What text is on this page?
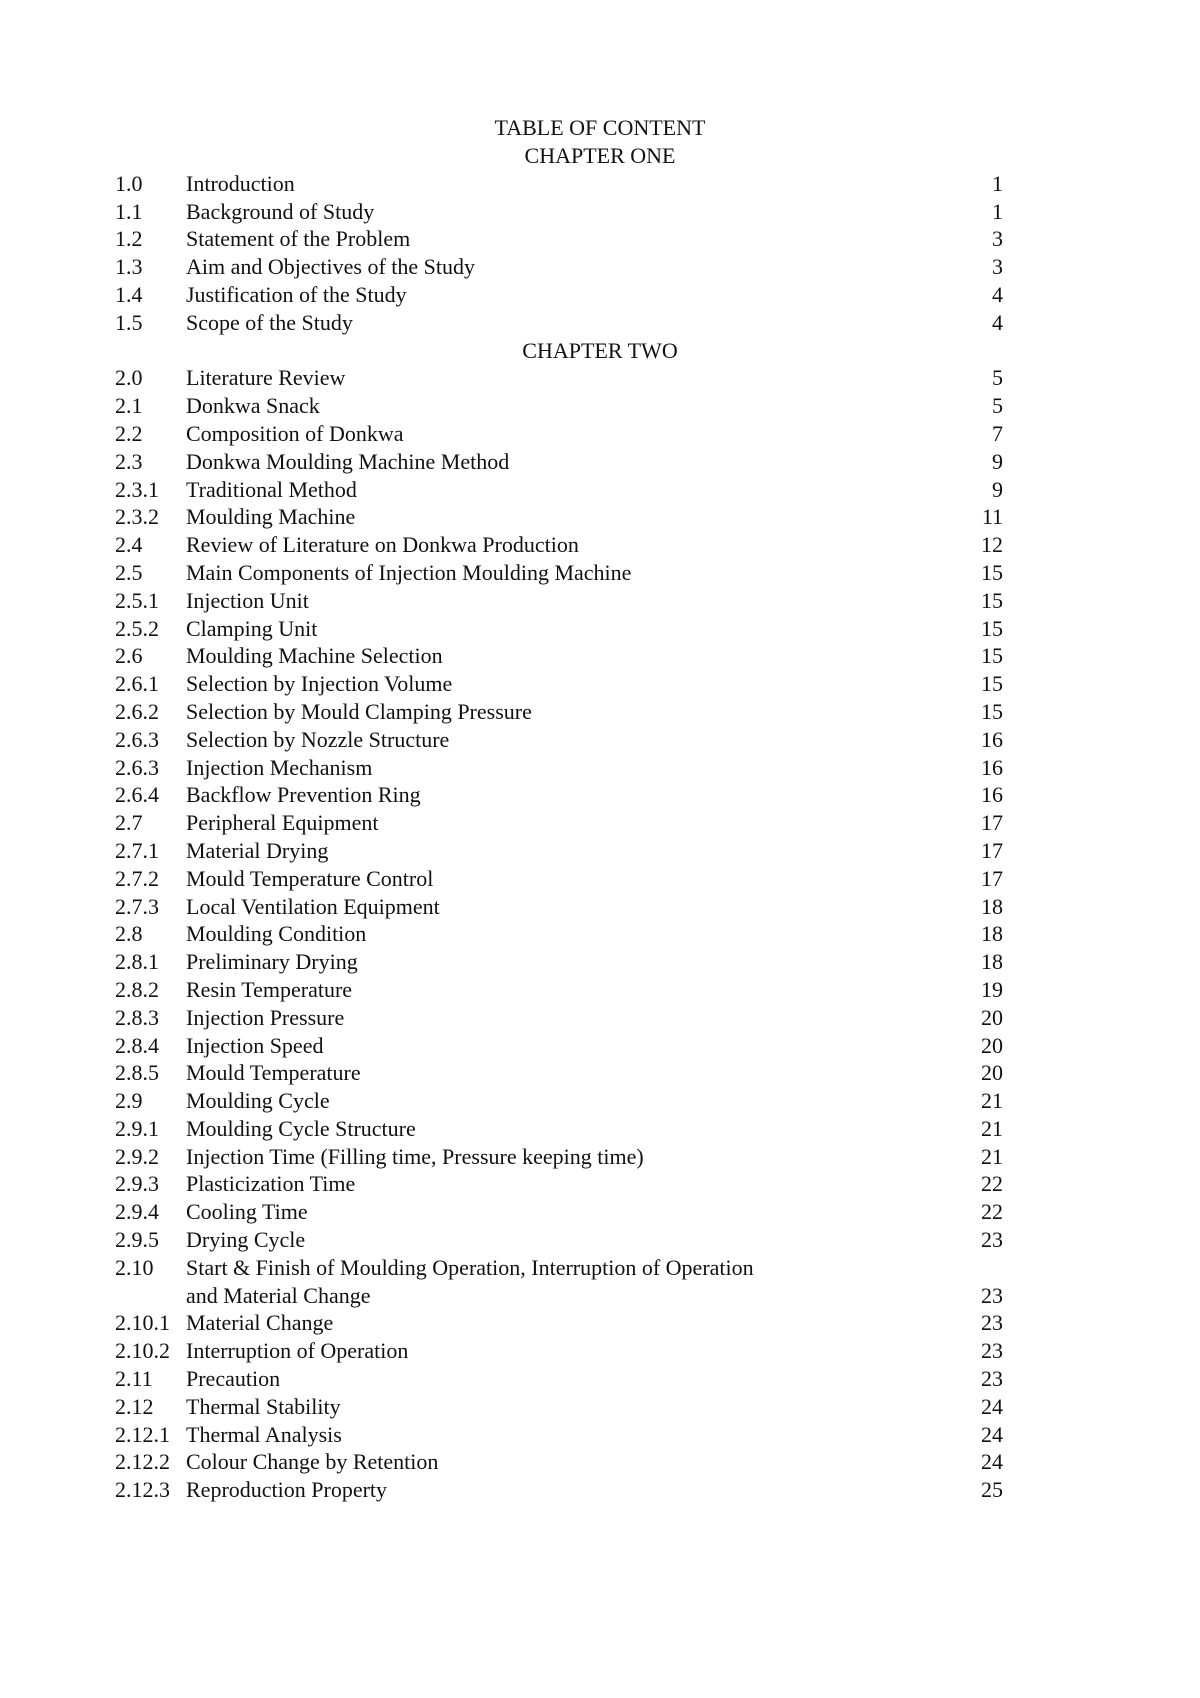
TABLE OF CONTENT
CHAPTER ONE
1.0 Introduction	1
1.1 Background of Study	1
1.2 Statement of the Problem	3
1.3 Aim and Objectives of the Study	3
1.4 Justification of the Study	4
1.5 Scope of the Study	4
CHAPTER TWO
2.0 Literature Review	5
2.1 Donkwa Snack	5
2.2 Composition of Donkwa	7
2.3 Donkwa Moulding Machine Method	9
2.3.1 Traditional Method	9
2.3.2 Moulding Machine	11
2.4 Review of Literature on Donkwa Production	12
2.5 Main Components of Injection Moulding Machine	15
2.5.1 Injection Unit	15
2.5.2 Clamping Unit	15
2.6 Moulding Machine Selection	15
2.6.1 Selection by Injection Volume	15
2.6.2 Selection by Mould Clamping Pressure	15
2.6.3 Selection by Nozzle Structure	16
2.6.3 Injection Mechanism	16
2.6.4 Backflow Prevention Ring	16
2.7 Peripheral Equipment	17
2.7.1 Material Drying	17
2.7.2 Mould Temperature Control	17
2.7.3 Local Ventilation Equipment	18
2.8 Moulding Condition	18
2.8.1 Preliminary Drying	18
2.8.2 Resin Temperature	19
2.8.3 Injection Pressure	20
2.8.4 Injection Speed	20
2.8.5 Mould Temperature	20
2.9 Moulding Cycle	21
2.9.1 Moulding Cycle Structure	21
2.9.2 Injection Time (Filling time, Pressure keeping time)	21
2.9.3 Plasticization Time	22
2.9.4 Cooling Time	22
2.9.5 Drying Cycle	23
2.10 Start & Finish of Moulding Operation, Interruption of Operation
and Material Change	23
2.10.1 Material Change	23
2.10.2 Interruption of Operation	23
2.11 Precaution	23
2.12 Thermal Stability	24
2.12.1 Thermal Analysis	24
2.12.2 Colour Change by Retention	24
2.12.3 Reproduction Property	25
